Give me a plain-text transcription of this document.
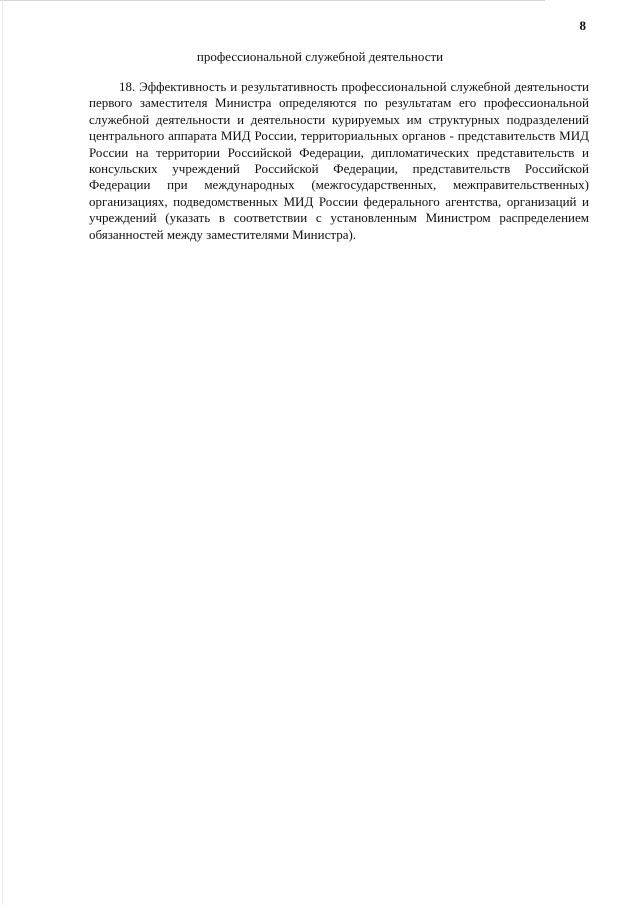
8
профессиональной служебной деятельности
18. Эффективность и результативность профессиональной служебной деятельности
первого заместителя Министра определяются по результатам его профессиональной
служебной деятельности и деятельности курируемых им структурных подразделений
центрального аппарата МИД России, территориальных органов - представительств МИД
России на территории Российской Федерации, дипломатических представительств и
консульских учреждений Российской Федерации, представительств Российской
Федерации при международных (межгосударственных, межправительственных)
организациях, подведомственных МИД России федерального агентства, организаций и
учреждений (указать в соответствии с установленным Министром распределением
обязанностей между заместителями Министра).
